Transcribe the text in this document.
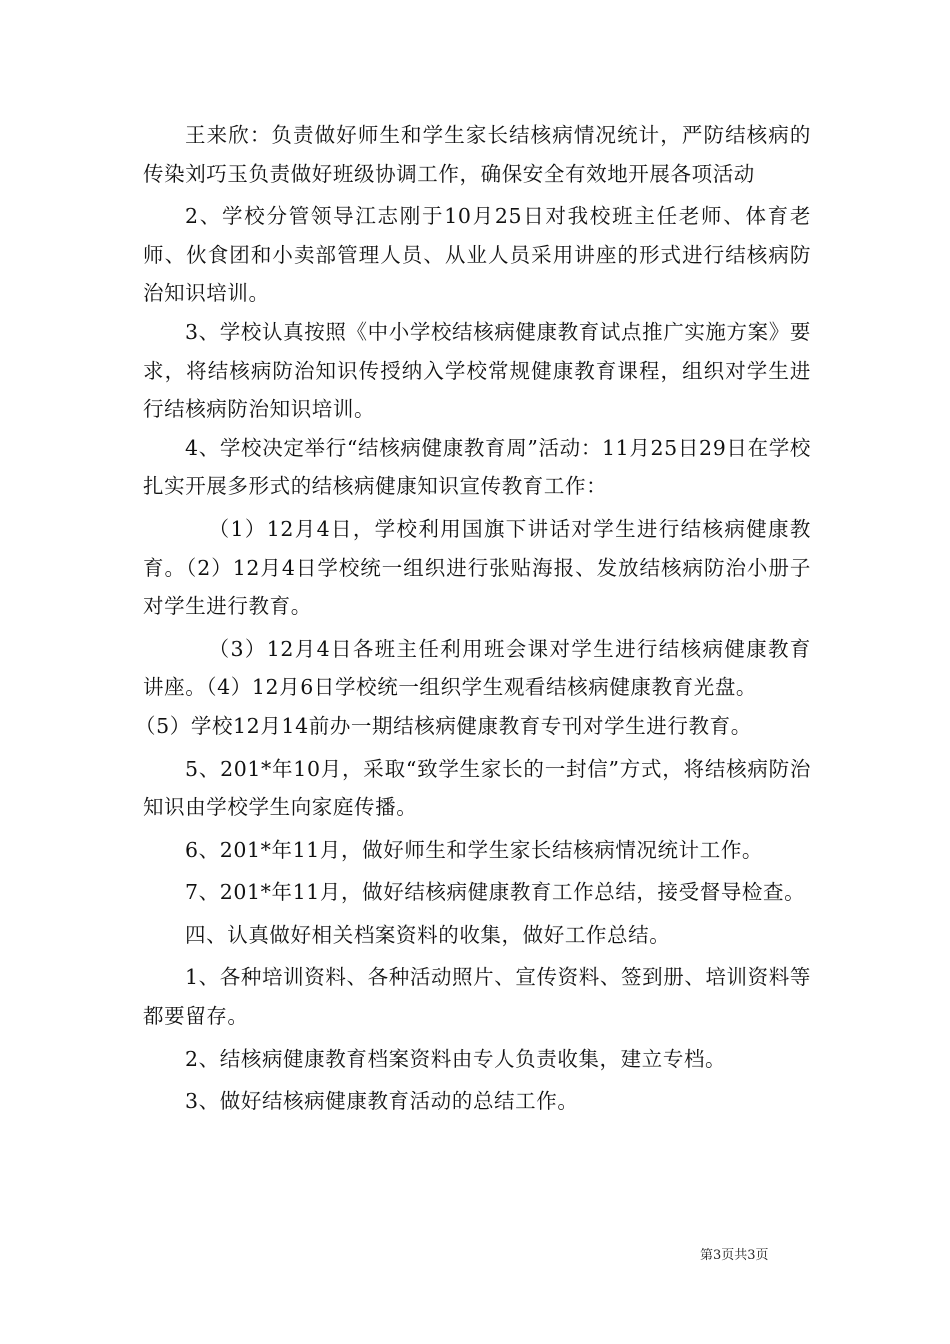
王来欣：负责做好师生和学生家长结核病情况统计，严防结核病的传染刘巧玉负责做好班级协调工作，确保安全有效地开展各项活动

2、学校分管领导江志刚于10月25日对我校班主任老师、体育老师、伙食团和小卖部管理人员、从业人员采用讲座的形式进行结核病防治知识培训。

3、学校认真按照《中小学校结核病健康教育试点推广实施方案》要求，将结核病防治知识传授纳入学校常规健康教育课程，组织对学生进行结核病防治知识培训。

4、学校决定举行“结核病健康教育周”活动：11月25日29日在学校扎实开展多形式的结核病健康知识宣传教育工作：

（1）12月4日，学校利用国旗下讲话对学生进行结核病健康教育。（2）12月4日学校统一组织进行张贴海报、发放结核病防治小册子对学生进行教育。

（3）12月4日各班主任利用班会课对学生进行结核病健康教育讲座。（4）12月6日学校统一组织学生观看结核病健康教育光盘。

（5）学校12月14前办一期结核病健康教育专刊对学生进行教育。

5、201*年10月，采取“致学生家长的一封信”方式，将结核病防治知识由学校学生向家庭传播。

6、201*年11月，做好师生和学生家长结核病情况统计工作。

7、201*年11月，做好结核病健康教育工作总结，接受督导检查。

四、认真做好相关档案资料的收集，做好工作总结。

1、各种培训资料、各种活动照片、宣传资料、签到册、培训资料等都要留存。

2、结核病健康教育档案资料由专人负责收集，建立专档。

3、做好结核病健康教育活动的总结工作。

第3页共3页
